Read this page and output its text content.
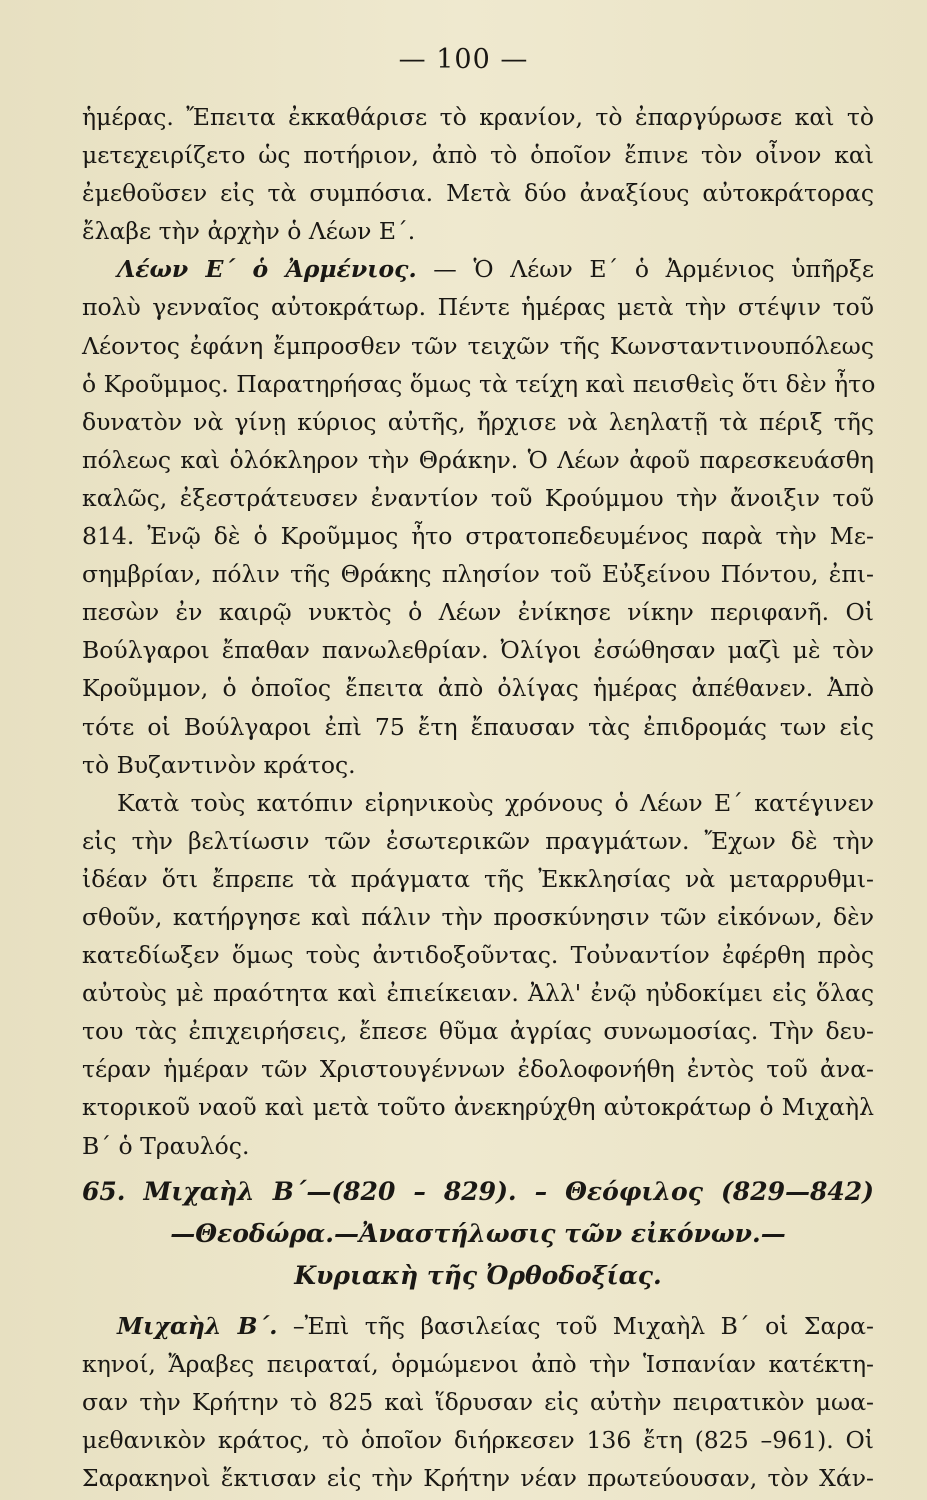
— 100 —
ἡμέρας. Ἔπειτα ἐκκαθάρισε τὸ κρανίον, τὸ ἐπαργύρωσε καὶ τὸ
μετεχειρίζετο ὡς ποτήριον, ἀπὸ τὸ ὁποῖον ἔπινε τὸν οἶνον καὶ
ἐμεθοῦσεν εἰς τὰ συμπόσια. Μετὰ δύο ἀναξίους αὐτοκράτορας
ἔλαβε τὴν ἀρχὴν ὁ Λέων Ε΄.
Λέων Ε΄ ὁ Ἀρμένιος. — Ὁ Λέων Ε΄ ὁ Ἀρμένιος ὑπῆρξε
πολὺ γενναῖος αὐτοκράτωρ. Πέντε ἡμέρας μετὰ τὴν στέψιν τοῦ
Λέοντος ἐφάνη ἔμπροσθεν τῶν τειχῶν τῆς Κωνσταντινουπόλεως
ὁ Κροῦμμος. Παρατηρήσας ὅμως τὰ τείχη καὶ πεισθεὶς ὅτι δὲν ἦτο
δυνατὸν νὰ γίνῃ κύριος αὐτῆς, ἤρχισε νὰ λεηλατῇ τὰ πέριξ τῆς
πόλεως καὶ ὁλόκληρον τὴν Θράκην. Ὁ Λέων ἀφοῦ παρεσκευάσθη
καλῶς, ἐξεστράτευσεν ἐναντίον τοῦ Κρούμμου τὴν ἄνοιξιν τοῦ
814. Ἐνῷ δὲ ὁ Κροῦμμος ἦτο στρατοπεδευμένος παρὰ τὴν Με-
σημβρίαν, πόλιν τῆς Θράκης πλησίον τοῦ Εὐξείνου Πόντου, ἐπι-
πεσὼν ἐν καιρῷ νυκτὸς ὁ Λέων ἐνίκησε νίκην περιφανῆ. Οἱ
Βούλγαροι ἔπαθαν πανωλεθρίαν. Ὀλίγοι ἐσώθησαν μαζὶ μὲ τὸν
Κροῦμμον, ὁ ὁποῖος ἔπειτα ἀπὸ ὀλίγας ἡμέρας ἀπέθανεν. Ἀπὸ
τότε οἱ Βούλγαροι ἐπὶ 75 ἔτη ἔπαυσαν τὰς ἐπιδρομάς των εἰς
τὸ Βυζαντινὸν κράτος.
Κατὰ τοὺς κατόπιν εἰρηνικοὺς χρόνους ὁ Λέων Ε΄ κατέγινεν
εἰς τὴν βελτίωσιν τῶν ἐσωτερικῶν πραγμάτων. Ἔχων δὲ τὴν
ἰδέαν ὅτι ἔπρεπε τὰ πράγματα τῆς Ἐκκλησίας νὰ μεταρρυθμι-
σθοῦν, κατήργησε καὶ πάλιν τὴν προσκύνησιν τῶν εἰκόνων, δὲν
κατεδίωξεν ὅμως τοὺς ἀντιδοξοῦντας. Τοὐναντίον ἐφέρθη πρὸς
αὐτοὺς μὲ πραότητα καὶ ἐπιείκειαν. Ἀλλ' ἐνῷ ηὐδοκίμει εἰς ὅλας
του τὰς ἐπιχειρήσεις, ἔπεσε θῦμα ἀγρίας συνωμοσίας. Τὴν δευ-
τέραν ἡμέραν τῶν Χριστουγέννων ἐδολοφονήθη ἐντὸς τοῦ ἀνα-
κτορικοῦ ναοῦ καὶ μετὰ τοῦτο ἀνεκηρύχθη αὐτοκράτωρ ὁ Μιχαὴλ
Β΄ ὁ Τραυλός.
65. Μιχαὴλ Β΄—(820 – 829). – Θεόφιλος (829—842)
—Θεοδώρα.—Ἀναστήλωσις τῶν εἰκόνων.—
Κυριακὴ τῆς Ὀρθοδοξίας.
Μιχαὴλ Β΄. –Ἐπὶ τῆς βασιλείας τοῦ Μιχαὴλ Β΄ οἱ Σαρα-
κηνοί, Ἄραβες πειραταί, ὁρμώμενοι ἀπὸ τὴν Ἱσπανίαν κατέκτη-
σαν τὴν Κρήτην τὸ 825 καὶ ἵδρυσαν εἰς αὐτὴν πειρατικὸν μωα-
μεθανικὸν κράτος, τὸ ὁποῖον διήρκεσεν 136 ἔτη (825 –961). Οἱ
Σαρακηνοὶ ἔκτισαν εἰς τὴν Κρήτην νέαν πρωτεύουσαν, τὸν Χάν-
